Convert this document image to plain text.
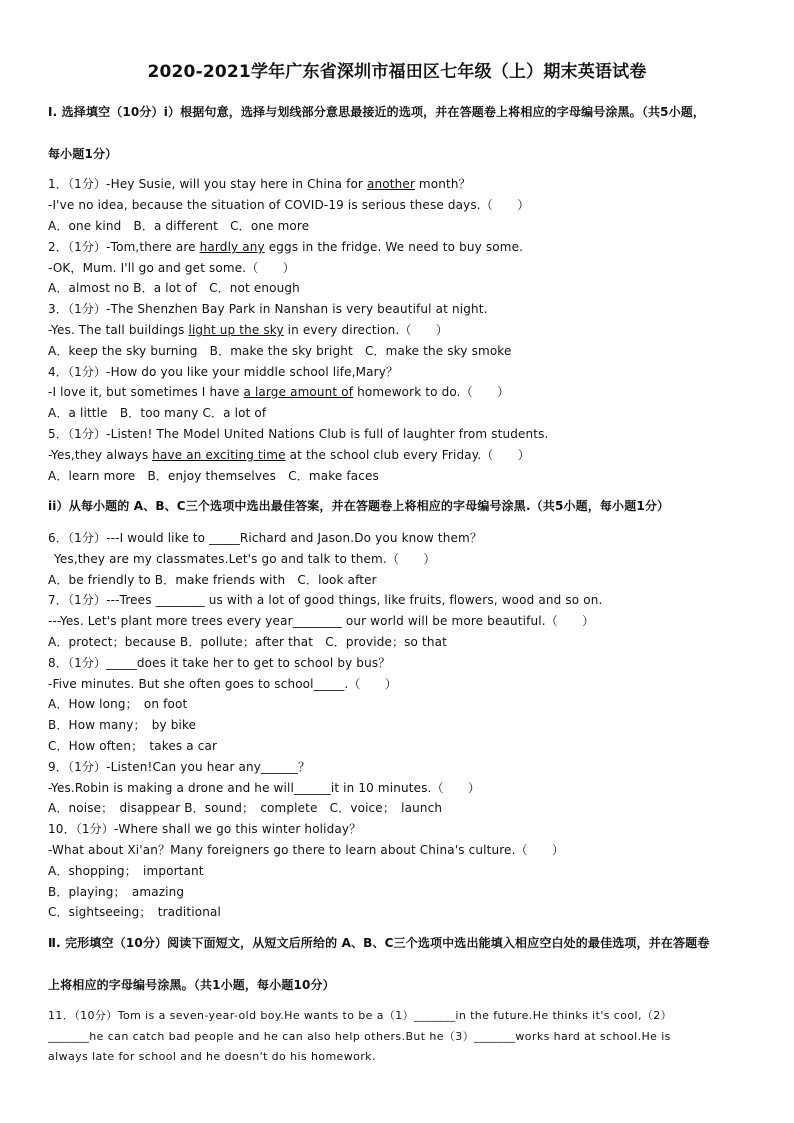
2020-2021学年广东省深圳市福田区七年级（上）期末英语试卷
Ⅰ. 选择填空（10分）i）根据句意，选择与划线部分意思最接近的选项，并在答题卷上将相应的字母编号涂黑。（共5小题，
每小题1分）
1．（1分）-Hey Susie, will you stay here in China for another month？
-I've no idea, because the situation of COVID-19 is serious these days.（　　）
A．one kind　B．a different　C．one more
2．（1分）-Tom,there are hardly any eggs in the fridge. We need to buy some.
-OK，Mum. I'll go and get some.（　　）
A．almost no B．a lot of　C．not enough
3．（1分）-The Shenzhen Bay Park in Nanshan is very beautiful at night.
-Yes. The tall buildings light up the sky in every direction.（　　）
A．keep the sky burning　B．make the sky bright　C．make the sky smoke
4．（1分）-How do you like your middle school life,Mary？
-I love it, but sometimes I have a large amount of homework to do.（　　）
A．a little　B．too many C．a lot of
5．（1分）-Listen! The Model United Nations Club is full of laughter from students.
-Yes,they always have an exciting time at the school club every Friday.（　　）
A．learn more　B．enjoy themselves　C．make faces
ii）从每小题的 A、B、C三个选项中选出最佳答案，并在答题卷上将相应的字母编号涂黑.（共5小题，每小题1分）
6．（1分）---I would like to _____Richard and Jason.Do you know them？
Yes,they are my classmates.Let's go and talk to them.（　　）
A．be friendly to B．make friends with　C．look after
7．（1分）---Trees ________ us with a lot of good things, like fruits, flowers, wood and so on.
---Yes. Let's plant more trees every year________ our world will be more beautiful.（　　）
A．protect；because B．pollute；after that　C．provide；so that
8．（1分）_____does it take her to get to school by bus？
-Five minutes. But she often goes to school_____.（　　）
A．How long；　on foot
B．How many；　by bike
C．How often；　takes a car
9．（1分）-Listen!Can you hear any______？
-Yes.Robin is making a drone and he will______it in 10 minutes.（　　）
A．noise；　disappear B．sound；　complete　C．voice；　launch
10．（1分）-Where shall we go this winter holiday？
-What about Xi'an？Many foreigners go there to learn about China's culture.（　　）
A．shopping；　important
B．playing；　amazing
C．sightseeing；　traditional
Ⅱ. 完形填空（10分）阅读下面短文，从短文后所给的 A、B、C三个选项中选出能填入相应空白处的最佳选项，并在答题卷
上将相应的字母编号涂黑。（共1小题，每小题10分）
11．（10分）Tom is a seven-year-old boy.He wants to be a（1）_______in the future.He thinks it's cool,（2）
_______he can catch bad people and he can also help others.But he（3）_______works hard at school.He is
always late for school and he doesn't do his homework.
